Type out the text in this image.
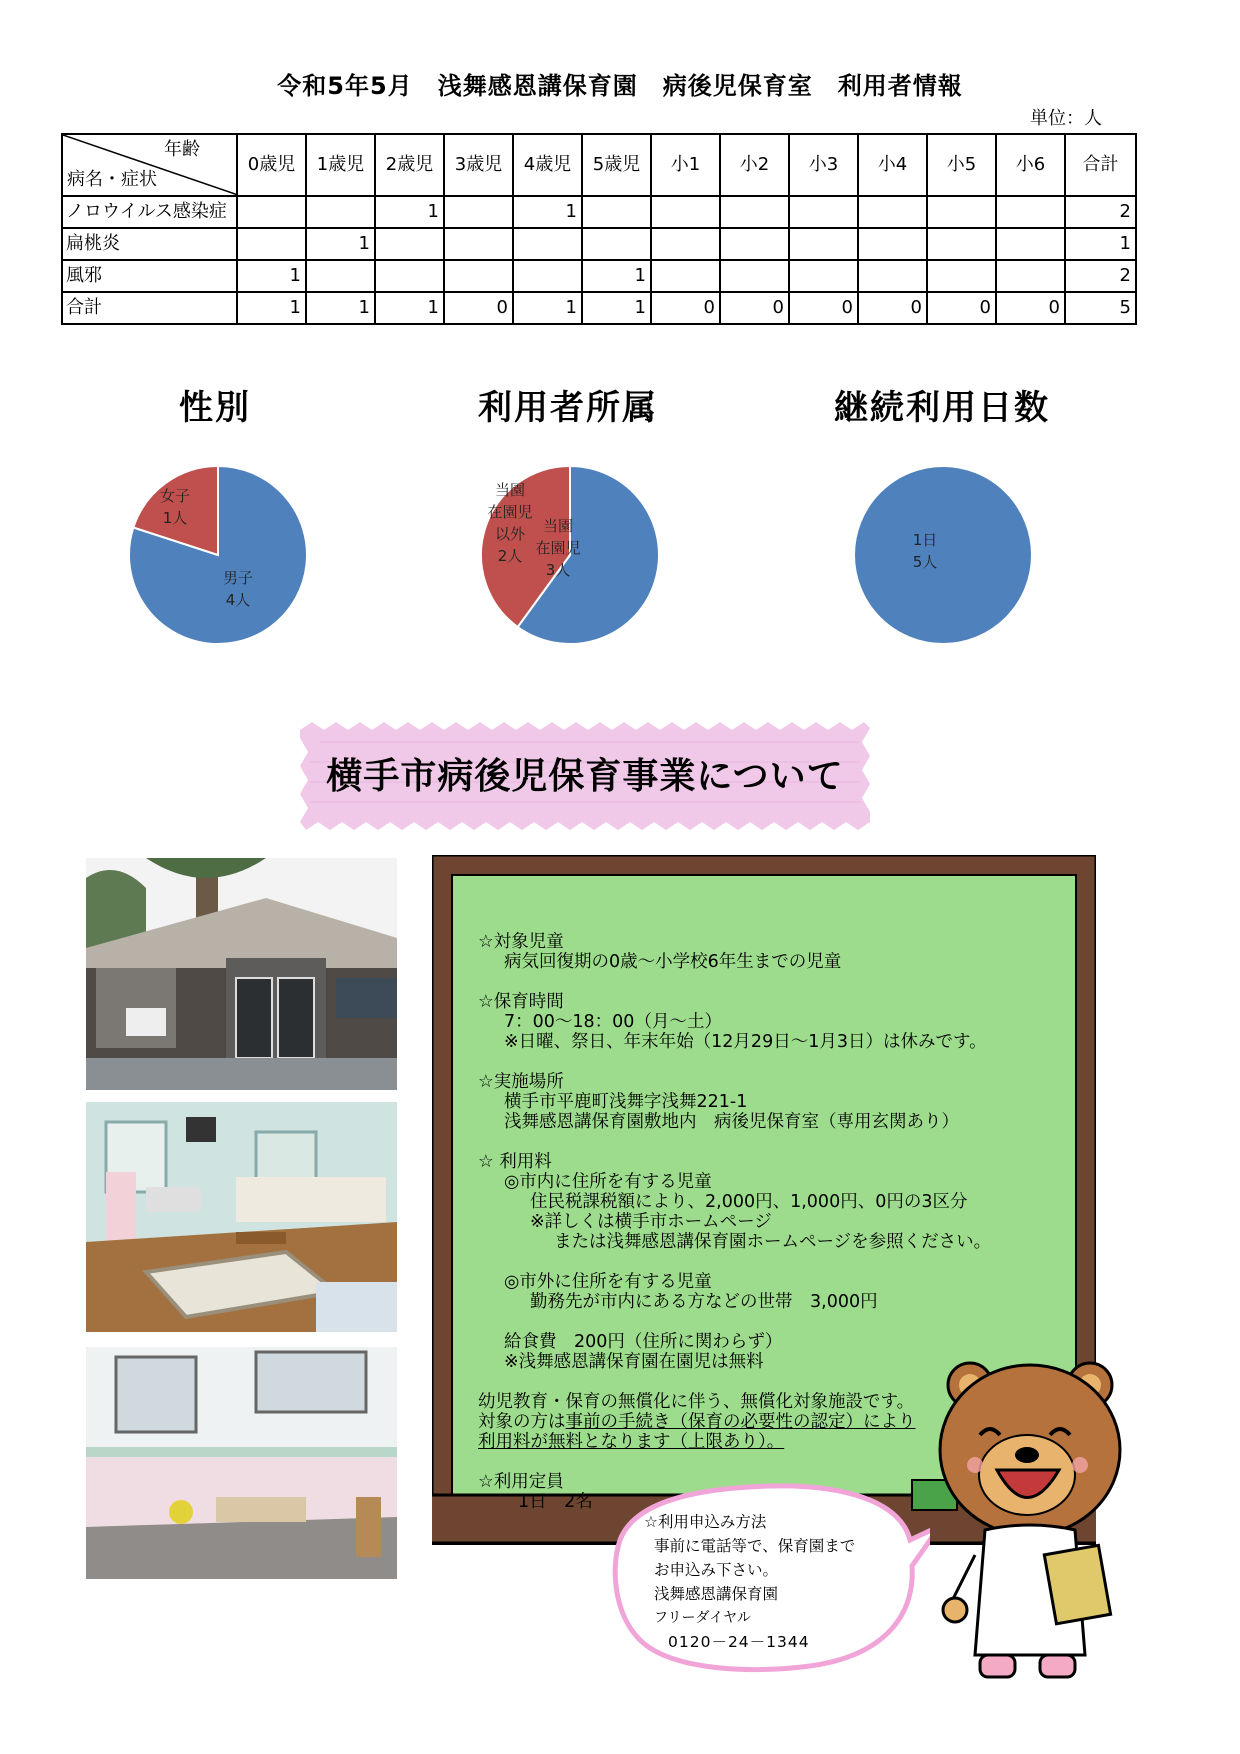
令和5年5月　浅舞感恩講保育園　病後児保育室　利用者情報
単位：人
年齢
病名・症状	0歳児	1歳児	2歳児	3歳児	4歳児	5歳児	小1	小2	小3	小4	小5	小6	合計
ノロウイルス感染症			1		1								2
扁桃炎		1											1
風邪	1					1							2
合計	1	1	1	0	1	1	0	0	0	0	0	0	5
性別	利用者所属	継続利用日数
男子 4人
女子 1人	当園在園児 3人
当園在園児以外 2人
1日 5人
横手市病後児保育事業について
☆対象児童
病気回復期の0歳～小学校6年生までの児童
☆保育時間
7：00～18：00（月～土）
※日曜、祭日、年末年始（12月29日～1月3日）は休みです。
☆実施場所
横手市平鹿町浅舞字浅舞221-1
浅舞感恩講保育園敷地内　病後児保育室（専用玄関あり）
☆ 利用料
◎市内に住所を有する児童
住民税課税額により、2,000円、1,000円、0円の3区分
※詳しくは横手市ホームページ
または浅舞感恩講保育園ホームページを参照ください。
◎市外に住所を有する児童
勤務先が市内にある方などの世帯　3,000円
給食費　200円（住所に関わらず）
※浅舞感恩講保育園在園児は無料
幼児教育・保育の無償化に伴う、無償化対象施設です。
対象の方は事前の手続き（保育の必要性の認定）により
利用料が無料となります（上限あり）。
☆利用定員
1日　2名
☆利用申込み方法
事前に電話等で、保育園まで
お申込み下さい。
浅舞感恩講保育園
フリーダイヤル
0120－24－1344
